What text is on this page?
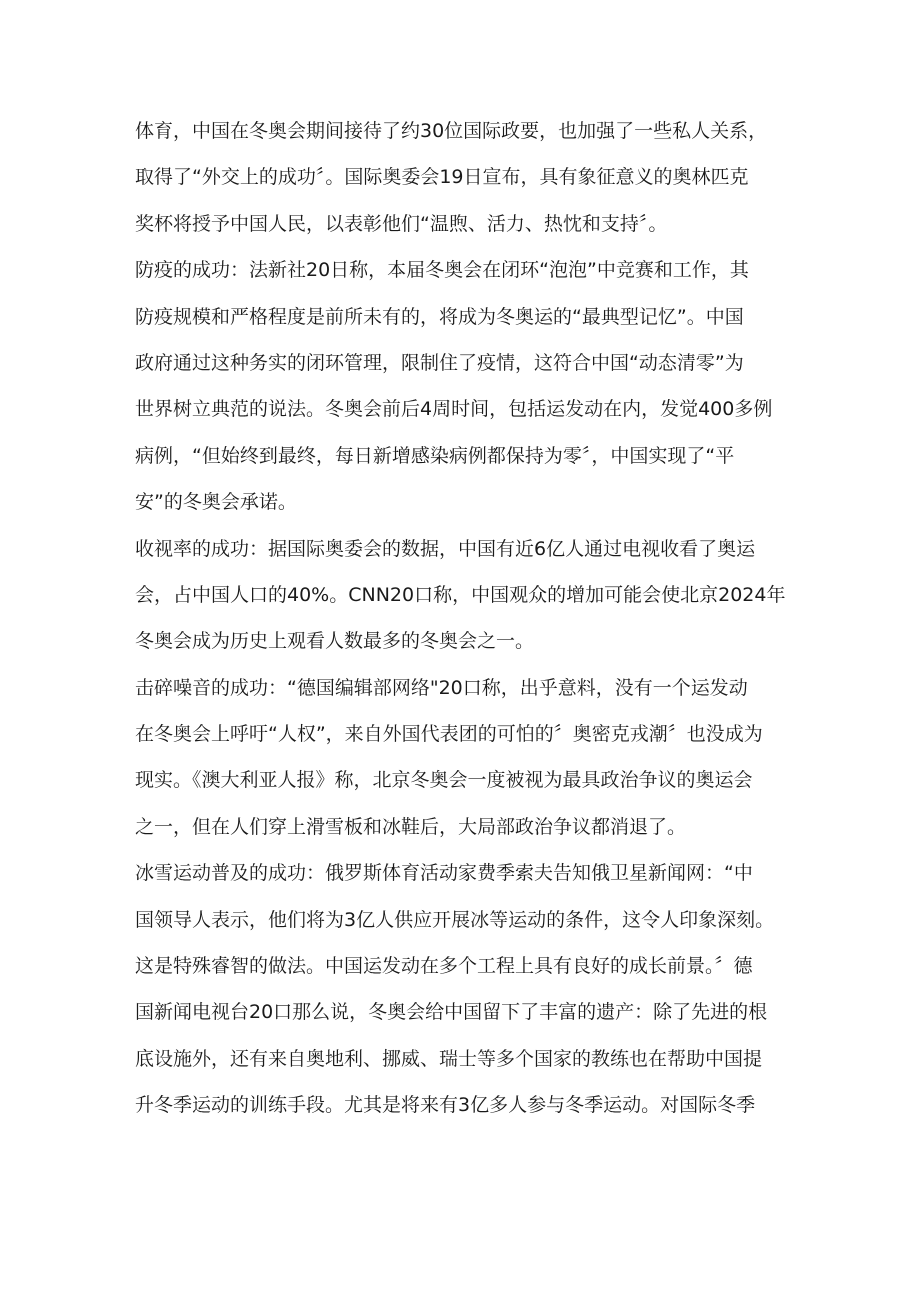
体育，中国在冬奥会期间接待了约30位国际政要，也加强了一些私人关系，
取得了“外交上的成功〞。国际奥委会19日宣布，具有象征意义的奥林匹克
奖杯将授予中国人民，以表彰他们“温煦、活力、热忱和支持〞。
防疫的成功：法新社20日称，本届冬奥会在闭环“泡泡”中竞赛和工作，其
防疫规模和严格程度是前所未有的，将成为冬奥运的“最典型记忆”。中国
政府通过这种务实的闭环管理，限制住了疫情，这符合中国“动态清零”为
世界树立典范的说法。冬奥会前后4周时间，包括运发动在内，发觉400多例
病例，“但始终到最终，每日新增感染病例都保持为零〞，中国实现了“平
安”的冬奥会承诺。
收视率的成功：据国际奥委会的数据，中国有近6亿人通过电视收看了奥运
会，占中国人口的40%。CNN20口称，中国观众的增加可能会使北京2024年
冬奥会成为历史上观看人数最多的冬奥会之一。
击碎噪音的成功：“德国编辑部网络"20口称，出乎意料，没有一个运发动
在冬奥会上呼吁“人权”，来自外国代表团的可怕的〞奥密克戎潮〞也没成为
现实。《澳大利亚人报》称，北京冬奥会一度被视为最具政治争议的奥运会
之一，但在人们穿上滑雪板和冰鞋后，大局部政治争议都消退了。
冰雪运动普及的成功：俄罗斯体育活动家费季索夫告知俄卫星新闻网：“中
国领导人表示，他们将为3亿人供应开展冰等运动的条件，这令人印象深刻。
这是特殊睿智的做法。中国运发动在多个工程上具有良好的成长前景。〞德
国新闻电视台20口那么说，冬奥会给中国留下了丰富的遗产：除了先进的根
底设施外，还有来自奥地利、挪威、瑞士等多个国家的教练也在帮助中国提
升冬季运动的训练手段。尤其是将来有3亿多人参与冬季运动。对国际冬季
